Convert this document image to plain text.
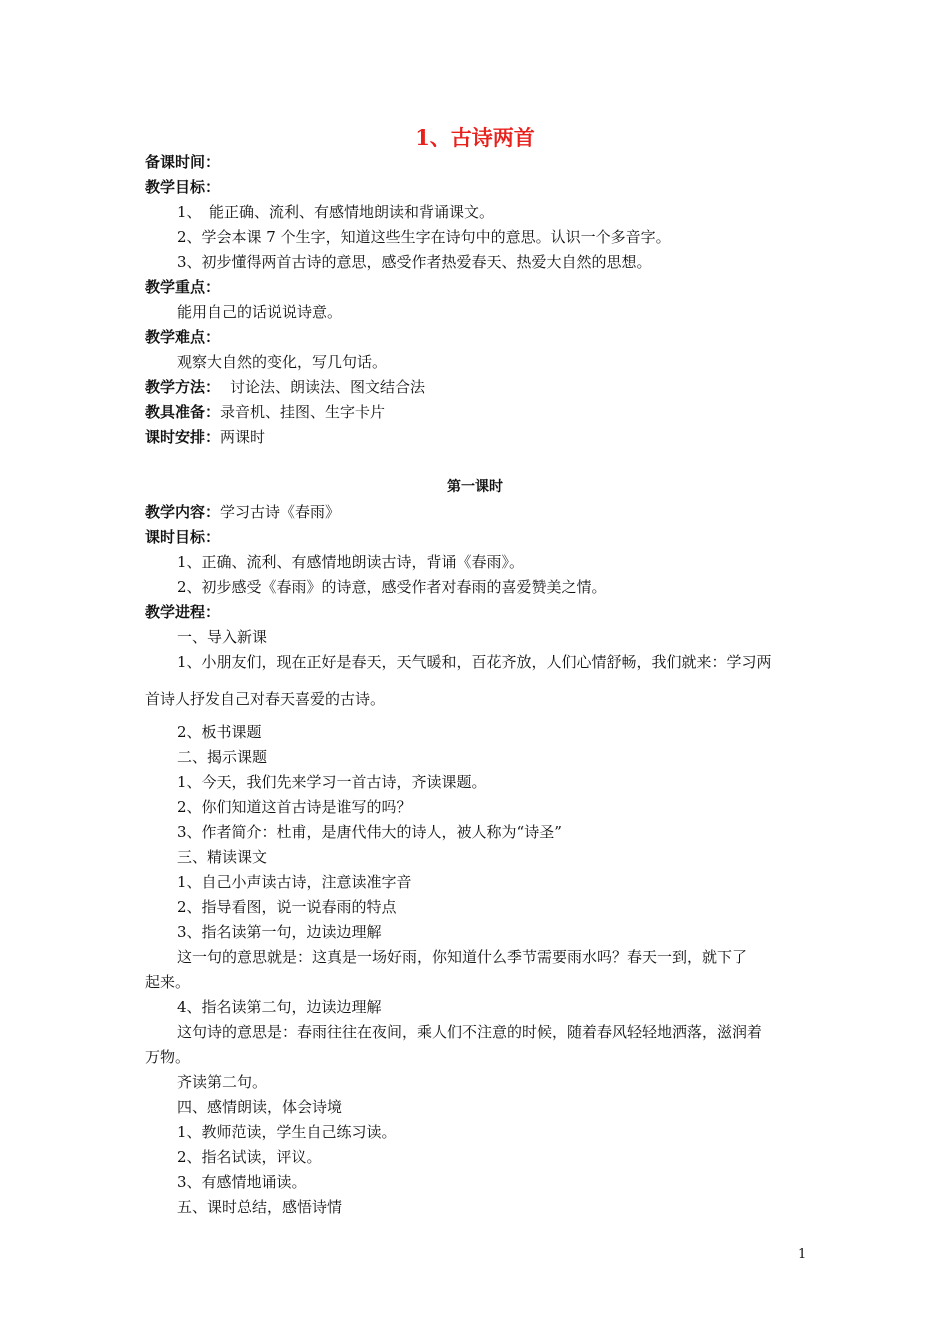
1、古诗两首
备课时间：
教学目标：
1、　能正确、流利、有感情地朗读和背诵课文。
2、学会本课 7 个生字，知道这些生字在诗句中的意思。认识一个多音字。
3、初步懂得两首古诗的意思，感受作者热爱春天、热爱大自然的思想。
教学重点：
能用自己的话说说诗意。
教学难点：
观察大自然的变化，写几句话。
教学方法： 讨论法、朗读法、图文结合法
教具准备：录音机、挂图、生字卡片
课时安排：两课时
第一课时
教学内容：学习古诗《春雨》
课时目标：
1、正确、流利、有感情地朗读古诗，背诵《春雨》。
2、初步感受《春雨》的诗意，感受作者对春雨的喜爱赞美之情。
教学进程：
一、导入新课
1、小朋友们，现在正好是春天，天气暖和，百花齐放，人们心情舒畅，我们就来：学习两
首诗人抒发自己对春天喜爱的古诗。
2、板书课题
二、揭示课题
1、今天，我们先来学习一首古诗，齐读课题。
2、你们知道这首古诗是谁写的吗？
3、作者简介：杜甫，是唐代伟大的诗人，被人称为“诗圣”
三、精读课文
1、自己小声读古诗，注意读准字音
2、指导看图，说一说春雨的特点
3、指名读第一句，边读边理解
这一句的意思就是：这真是一场好雨，你知道什么季节需要雨水吗？春天一到，就下了
起来。
4、指名读第二句，边读边理解
这句诗的意思是：春雨往往在夜间，乘人们不注意的时候，随着春风轻轻地洒落，滋润着
万物。
齐读第二句。
四、感情朗读，体会诗境
1、教师范读，学生自己练习读。
2、指名试读，评议。
3、有感情地诵读。
五、课时总结，感悟诗情
1
